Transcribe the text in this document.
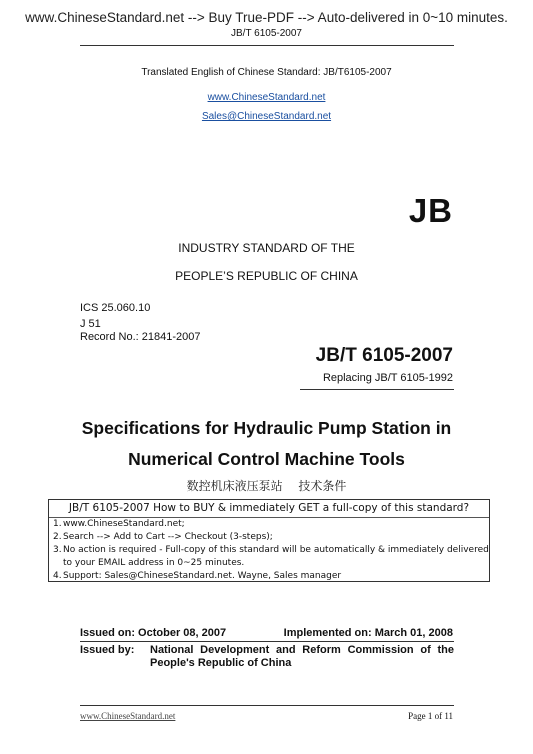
www.ChineseStandard.net --> Buy True-PDF --> Auto-delivered in 0~10 minutes.
JB/T 6105-2007
Translated English of Chinese Standard: JB/T6105-2007
www.ChineseStandard.net
Sales@ChineseStandard.net
JB
INDUSTRY STANDARD OF THE
PEOPLE’S REPUBLIC OF CHINA
ICS 25.060.10
J 51
Record No.: 21841-2007
JB/T 6105-2007
Replacing JB/T 6105-1992
Specifications for Hydraulic Pump Station in
Numerical Control Machine Tools
数控机床液压泵站　 技术条件
JB/T 6105-2007 How to BUY & immediately GET a full-copy of this standard?
1. www.ChineseStandard.net;
2. Search --> Add to Cart --> Checkout (3-steps);
3. No action is required - Full-copy of this standard will be automatically & immediately delivered to your EMAIL address in 0~25 minutes.
4. Support: Sales@ChineseStandard.net. Wayne, Sales manager
Issued on: October 08, 2007	Implemented on: March 01, 2008
Issued by: National Development and Reform Commission of the People's Republic of China
www.ChineseStandard.net	Page 1 of 11
